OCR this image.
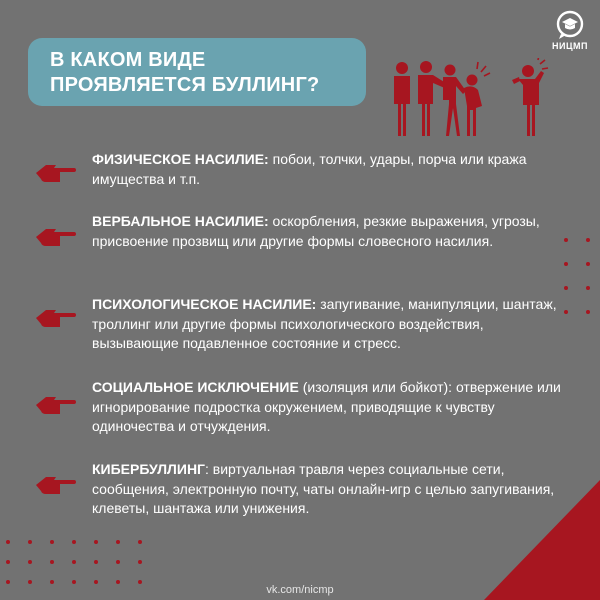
НИЦМП
В КАКОМ ВИДЕ ПРОЯВЛЯЕТСЯ БУЛЛИНГ?
ФИЗИЧЕСКОЕ НАСИЛИЕ: побои, толчки, удары, порча или кража имущества и т.п.
ВЕРБАЛЬНОЕ НАСИЛИЕ: оскорбления, резкие выражения, угрозы, присвоение прозвищ или другие формы словесного насилия.
ПСИХОЛОГИЧЕСКОЕ НАСИЛИЕ: запугивание, манипуляции, шантаж, троллинг или другие формы психологического воздействия, вызывающие подавленное состояние и стресс.
СОЦИАЛЬНОЕ ИСКЛЮЧЕНИЕ (изоляция или бойкот): отвержение или игнорирование подростка окружением, приводящие к чувству одиночества и отчуждения.
КИБЕРБУЛЛИНГ: виртуальная травля через социальные сети, сообщения, электронную почту, чаты онлайн-игр с целью запугивания, клеветы, шантажа или унижения.
vk.com/nicmp
